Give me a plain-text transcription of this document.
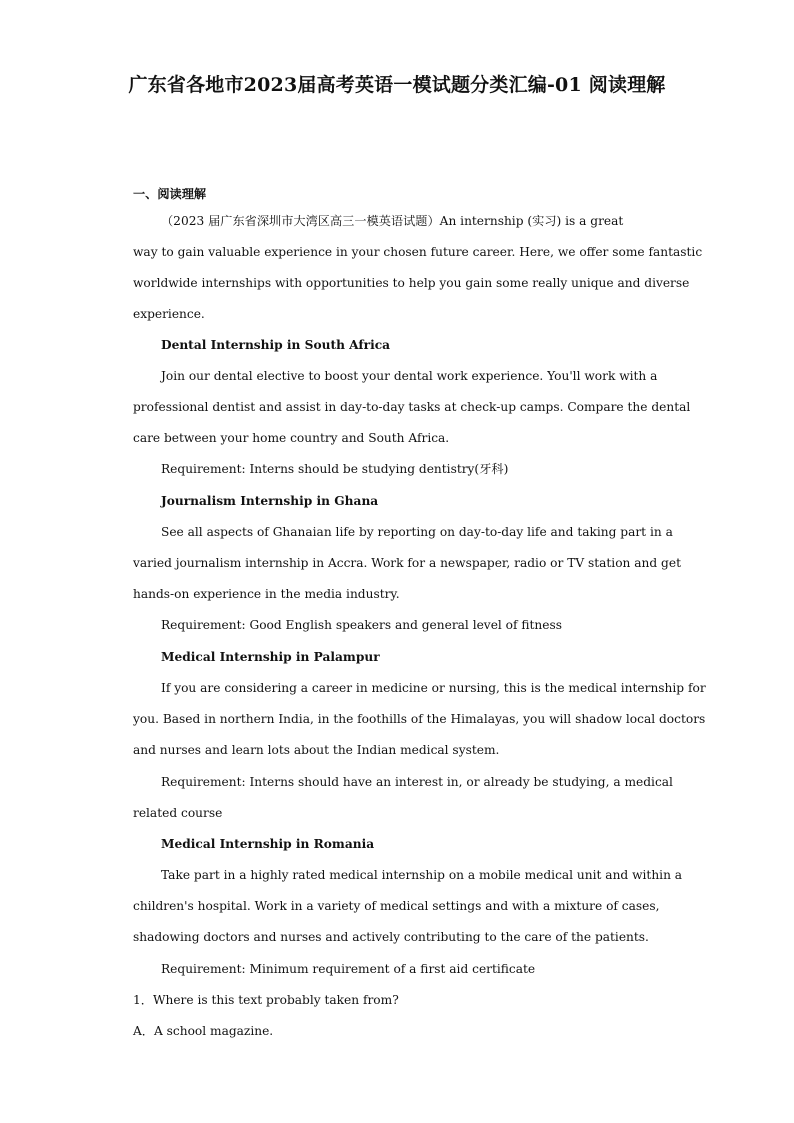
广东省各地市2023届高考英语一模试题分类汇编-01 阅读理解
一、阅读理解
（2023 届广东省深圳市大湾区高三一模英语试题）An internship (实习) is a great
way to gain valuable experience in your chosen future career. Here, we offer some fantastic
worldwide internships with opportunities to help you gain some really unique and diverse
experience.
Dental Internship in South Africa
Join our dental elective to boost your dental work experience. You'll work with a
professional dentist and assist in day-to-day tasks at check-up camps. Compare the dental
care between your home country and South Africa.
Requirement: Interns should be studying dentistry(牙科)
Journalism Internship in Ghana
See all aspects of Ghanaian life by reporting on day-to-day life and taking part in a
varied journalism internship in Accra. Work for a newspaper, radio or TV station and get
hands-on experience in the media industry.
Requirement: Good English speakers and general level of fitness
Medical Internship in Palampur
If you are considering a career in medicine or nursing, this is the medical internship for
you. Based in northern India, in the foothills of the Himalayas, you will shadow local doctors
and nurses and learn lots about the Indian medical system.
Requirement: Interns should have an interest in, or already be studying, a medical
related course
Medical Internship in Romania
Take part in a highly rated medical internship on a mobile medical unit and within a
children's hospital. Work in a variety of medical settings and with a mixture of cases,
shadowing doctors and nurses and actively contributing to the care of the patients.
Requirement: Minimum requirement of a first aid certificate
1．Where is this text probably taken from?
A．A school magazine.
